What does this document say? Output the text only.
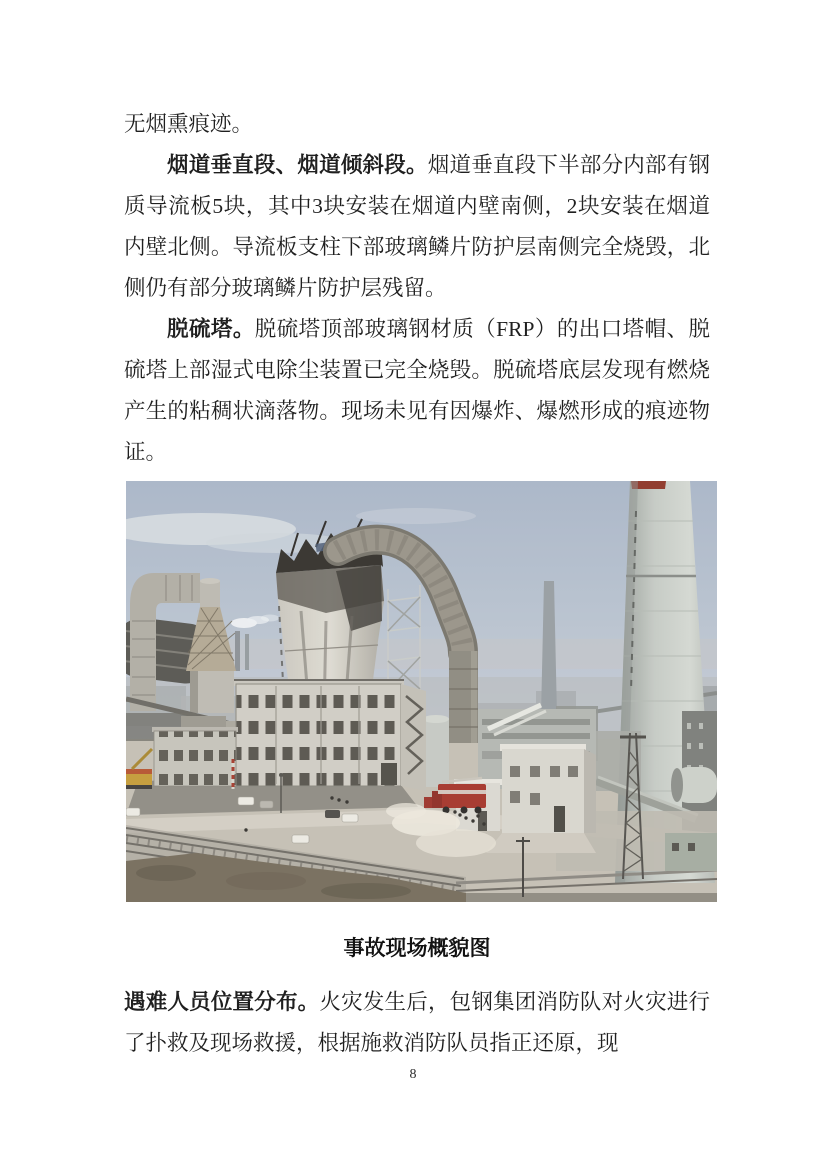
无烟熏痕迹。

烟道垂直段、烟道倾斜段。烟道垂直段下半部分内部有钢质导流板5块，其中3块安装在烟道内壁南侧，2块安装在烟道内壁北侧。导流板支柱下部玻璃鳞片防护层南侧完全烧毁，北侧仍有部分玻璃鳞片防护层残留。

脱硫塔。脱硫塔顶部玻璃钢材质（FRP）的出口塔帽、脱硫塔上部湿式电除尘装置已完全烧毁。脱硫塔底层发现有燃烧产生的粘稠状滴落物。现场未见有因爆炸、爆燃形成的痕迹物证。

事故现场概貌图
遇难人员位置分布。火灾发生后，包钢集团消防队对火灾进行了扑救及现场救援，根据施救消防队员指正还原，现
8
